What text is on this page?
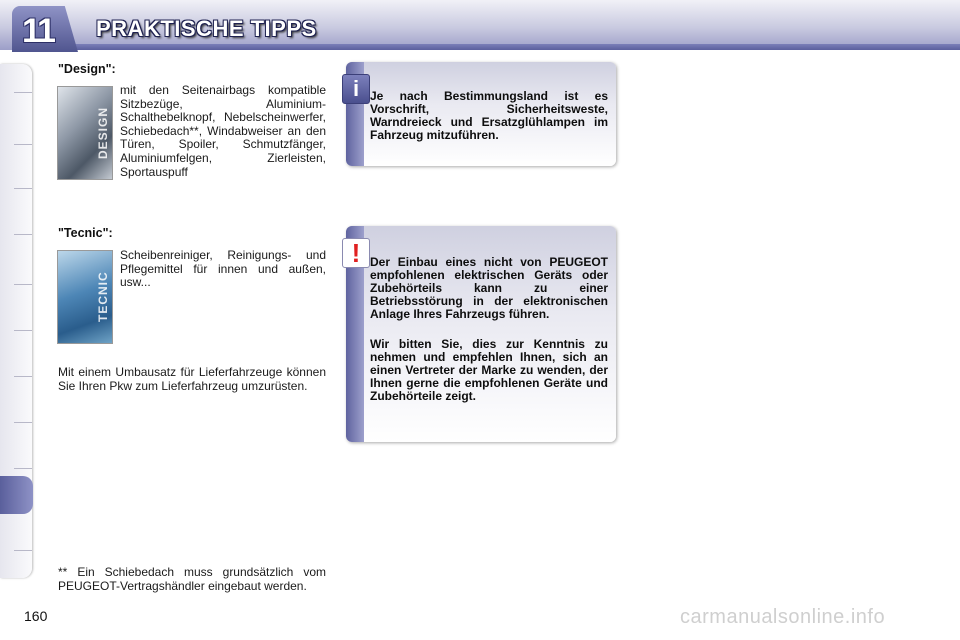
11 PRAKTISCHE TIPPS
"Design":
DESIGN

mit den Seitenairbags kompatible Sitzbezüge, Aluminium-Schalthebelknopf, Nebelscheinwerfer, Schiebedach**, Windabweiser an den Türen, Spoiler, Schmutzfänger, Aluminiumfelgen, Zierleisten, Sportauspuff

"Tecnic":
TECNIC

Scheibenreiniger, Reinigungs- und Pflegemittel für innen und außen, usw...

Mit einem Umbausatz für Lieferfahrzeuge können Sie Ihren Pkw zum Lieferfahrzeug umzurüsten.

** Ein Schiebedach muss grundsätzlich vom PEUGEOT-Vertragshändler eingebaut werden.

i Je nach Bestimmungsland ist es Vorschrift, Sicherheitsweste, Warndreieck und Ersatzglühlampen im Fahrzeug mitzuführen.

! Der Einbau eines nicht von PEUGEOT empfohlenen elektrischen Geräts oder Zubehörteils kann zu einer Betriebsstörung in der elektronischen Anlage Ihres Fahrzeugs führen.

Wir bitten Sie, dies zur Kenntnis zu nehmen und empfehlen Ihnen, sich an einen Vertreter der Marke zu wenden, der Ihnen gerne die empfohlenen Geräte und Zubehörteile zeigt.

160	carmanualsonline.info
